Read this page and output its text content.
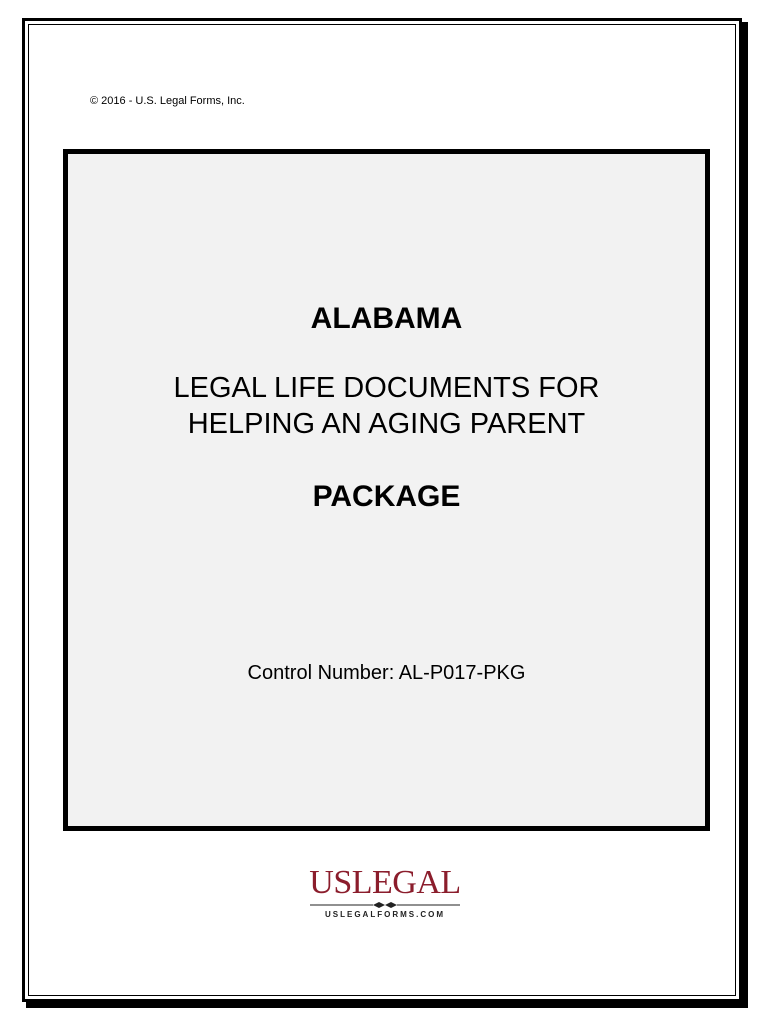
© 2016 - U.S. Legal Forms, Inc.
ALABAMA
LEGAL LIFE DOCUMENTS FOR
HELPING AN AGING PARENT
PACKAGE
Control Number: AL-P017-PKG
USLEGAL
USLEGALFORMS.COM
